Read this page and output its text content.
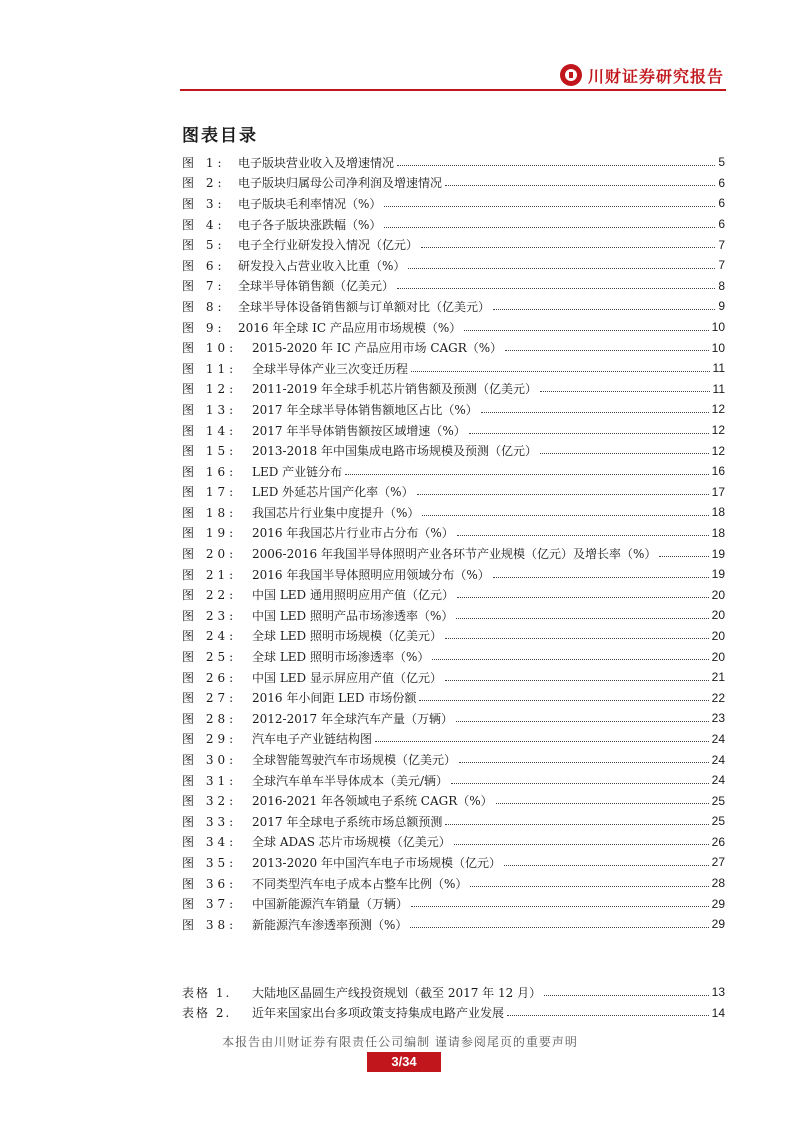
川财证券研究报告
图表目录
图 1:	电子版块营业收入及增速情况	5
图 2:	电子版块归属母公司净利润及增速情况	6
图 3:	电子版块毛利率情况（%）	6
图 4:	电子各子版块涨跌幅（%）	6
图 5:	电子全行业研发投入情况（亿元）	7
图 6:	研发投入占营业收入比重（%）	7
图 7:	全球半导体销售额（亿美元）	8
图 8:	全球半导体设备销售额与订单额对比（亿美元）	9
图 9:	2016 年全球 IC 产品应用市场规模（%）	10
图 10:	2015-2020 年 IC 产品应用市场 CAGR（%）	10
图 11:	全球半导体产业三次变迁历程	11
图 12:	2011-2019 年全球手机芯片销售额及预测（亿美元）	11
图 13:	2017 年全球半导体销售额地区占比（%）	12
图 14:	2017 年半导体销售额按区域增速（%）	12
图 15:	2013-2018 年中国集成电路市场规模及预测（亿元）	12
图 16:	LED 产业链分布	16
图 17:	LED 外延芯片国产化率（%）	17
图 18:	我国芯片行业集中度提升（%）	18
图 19:	2016 年我国芯片行业市占分布（%）	18
图 20:	2006-2016 年我国半导体照明产业各环节产业规模（亿元）及增长率（%）	19
图 21:	2016 年我国半导体照明应用领域分布（%）	19
图 22:	中国 LED 通用照明应用产值（亿元）	20
图 23:	中国 LED 照明产品市场渗透率（%）	20
图 24:	全球 LED 照明市场规模（亿美元）	20
图 25:	全球 LED 照明市场渗透率（%）	20
图 26:	中国 LED 显示屏应用产值（亿元）	21
图 27:	2016 年小间距 LED 市场份额	22
图 28:	2012-2017 年全球汽车产量（万辆）	23
图 29:	汽车电子产业链结构图	24
图 30:	全球智能驾驶汽车市场规模（亿美元）	24
图 31:	全球汽车单车半导体成本（美元/辆）	24
图 32:	2016-2021 年各领域电子系统 CAGR（%）	25
图 33:	2017 年全球电子系统市场总额预测	25
图 34:	全球 ADAS 芯片市场规模（亿美元）	26
图 35:	2013-2020 年中国汽车电子市场规模（亿元）	27
图 36:	不同类型汽车电子成本占整车比例（%）	28
图 37:	中国新能源汽车销量（万辆）	29
图 38:	新能源汽车渗透率预测（%）	29
表格 1.	大陆地区晶圆生产线投资规划（截至 2017 年 12 月）	13
表格 2.	近年来国家出台多项政策支持集成电路产业发展	14
本报告由川财证券有限责任公司编制 谨请参阅尾页的重要声明
3/34
